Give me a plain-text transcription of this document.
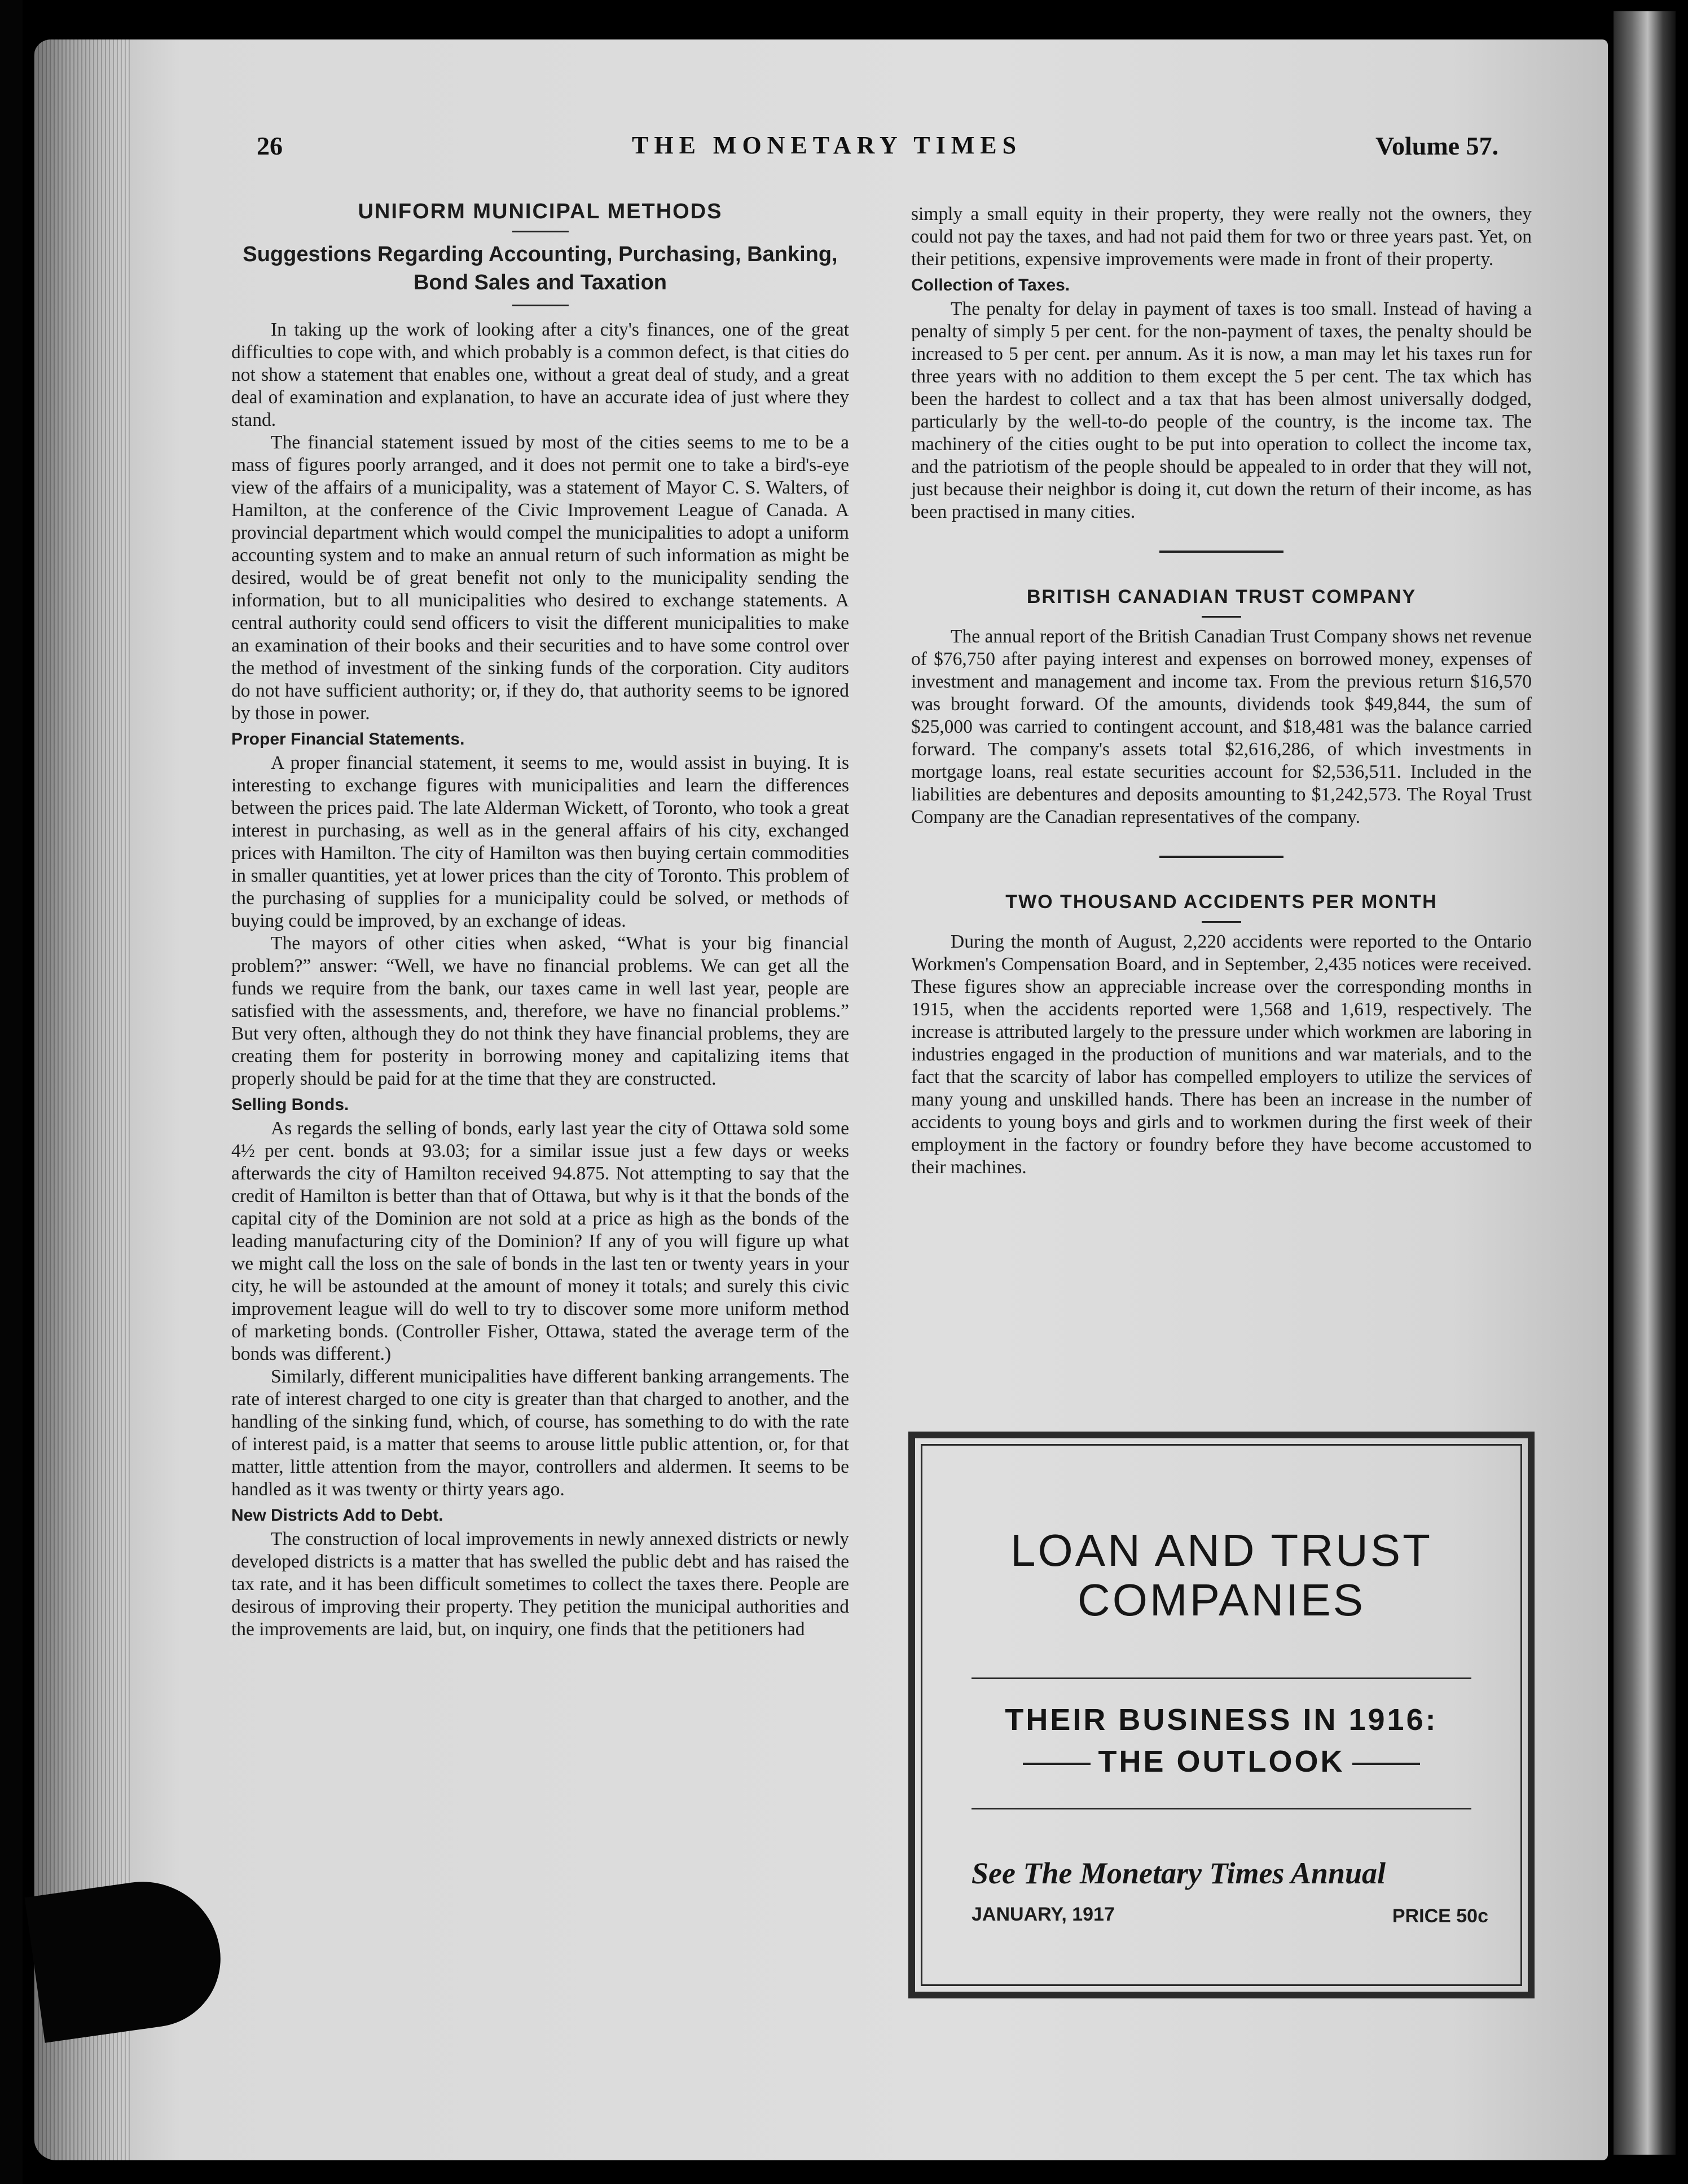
26	THE MONETARY TIMES	Volume 57.
UNIFORM MUNICIPAL METHODS
Suggestions Regarding Accounting, Purchasing, Banking, Bond Sales and Taxation

In taking up the work of looking after a city's finances, one of the great difficulties to cope with, and which probably is a common defect, is that cities do not show a statement that enables one, without a great deal of study, and a great deal of examination and explanation, to have an accurate idea of just where they stand.

The financial statement issued by most of the cities seems to me to be a mass of figures poorly arranged, and it does not permit one to take a bird's-eye view of the affairs of a municipality, was a statement of Mayor C. S. Walters, of Hamilton, at the conference of the Civic Improvement League of Canada. A provincial department which would compel the municipalities to adopt a uniform accounting system and to make an annual return of such information as might be desired, would be of great benefit not only to the municipality sending the information, but to all municipalities who desired to exchange statements. A central authority could send officers to visit the different municipalities to make an examination of their books and their securities and to have some control over the method of investment of the sinking funds of the corporation. City auditors do not have sufficient authority; or, if they do, that authority seems to be ignored by those in power.

Proper Financial Statements.

A proper financial statement, it seems to me, would assist in buying. It is interesting to exchange figures with municipalities and learn the differences between the prices paid. The late Alderman Wickett, of Toronto, who took a great interest in purchasing, as well as in the general affairs of his city, exchanged prices with Hamilton. The city of Hamilton was then buying certain commodities in smaller quantities, yet at lower prices than the city of Toronto. This problem of the purchasing of supplies for a municipality could be solved, or methods of buying could be improved, by an exchange of ideas.

The mayors of other cities when asked, “What is your big financial problem?” answer: “Well, we have no financial problems. We can get all the funds we require from the bank, our taxes came in well last year, people are satisfied with the assessments, and, therefore, we have no financial problems.” But very often, although they do not think they have financial problems, they are creating them for posterity in borrowing money and capitalizing items that properly should be paid for at the time that they are constructed.

Selling Bonds.

As regards the selling of bonds, early last year the city of Ottawa sold some 4½ per cent. bonds at 93.03; for a similar issue just a few days or weeks afterwards the city of Hamilton received 94.875. Not attempting to say that the credit of Hamilton is better than that of Ottawa, but why is it that the bonds of the capital city of the Dominion are not sold at a price as high as the bonds of the leading manufacturing city of the Dominion? If any of you will figure up what we might call the loss on the sale of bonds in the last ten or twenty years in your city, he will be astounded at the amount of money it totals; and surely this civic improvement league will do well to try to discover some more uniform method of marketing bonds. (Controller Fisher, Ottawa, stated the average term of the bonds was different.)

Similarly, different municipalities have different banking arrangements. The rate of interest charged to one city is greater than that charged to another, and the handling of the sinking fund, which, of course, has something to do with the rate of interest paid, is a matter that seems to arouse little public attention, or, for that matter, little attention from the mayor, controllers and aldermen. It seems to be handled as it was twenty or thirty years ago.

New Districts Add to Debt.

The construction of local improvements in newly annexed districts or newly developed districts is a matter that has swelled the public debt and has raised the tax rate, and it has been difficult sometimes to collect the taxes there. People are desirous of improving their property. They petition the municipal authorities and the improvements are laid, but, on inquiry, one finds that the petitioners had

simply a small equity in their property, they were really not the owners, they could not pay the taxes, and had not paid them for two or three years past. Yet, on their petitions, expensive improvements were made in front of their property.

Collection of Taxes.

The penalty for delay in payment of taxes is too small. Instead of having a penalty of simply 5 per cent. for the non-payment of taxes, the penalty should be increased to 5 per cent. per annum. As it is now, a man may let his taxes run for three years with no addition to them except the 5 per cent. The tax which has been the hardest to collect and a tax that has been almost universally dodged, particularly by the well-to-do people of the country, is the income tax. The machinery of the cities ought to be put into operation to collect the income tax, and the patriotism of the people should be appealed to in order that they will not, just because their neighbor is doing it, cut down the return of their income, as has been practised in many cities.

BRITISH CANADIAN TRUST COMPANY

The annual report of the British Canadian Trust Company shows net revenue of $76,750 after paying interest and expenses on borrowed money, expenses of investment and management and income tax. From the previous return $16,570 was brought forward. Of the amounts, dividends took $49,844, the sum of $25,000 was carried to contingent account, and $18,481 was the balance carried forward. The company's assets total $2,616,286, of which investments in mortgage loans, real estate securities account for $2,536,511. Included in the liabilities are debentures and deposits amounting to $1,242,573. The Royal Trust Company are the Canadian representatives of the company.

TWO THOUSAND ACCIDENTS PER MONTH

During the month of August, 2,220 accidents were reported to the Ontario Workmen's Compensation Board, and in September, 2,435 notices were received. These figures show an appreciable increase over the corresponding months in 1915, when the accidents reported were 1,568 and 1,619, respectively. The increase is attributed largely to the pressure under which workmen are laboring in industries engaged in the production of munitions and war materials, and to the fact that the scarcity of labor has compelled employers to utilize the services of many young and unskilled hands. There has been an increase in the number of accidents to young boys and girls and to workmen during the first week of their employment in the factory or foundry before they have become accustomed to their machines.

LOAN AND TRUST
COMPANIES
THEIR BUSINESS IN 1916:
THE OUTLOOK
See The Monetary Times Annual
JANUARY, 1917	PRICE 50c
